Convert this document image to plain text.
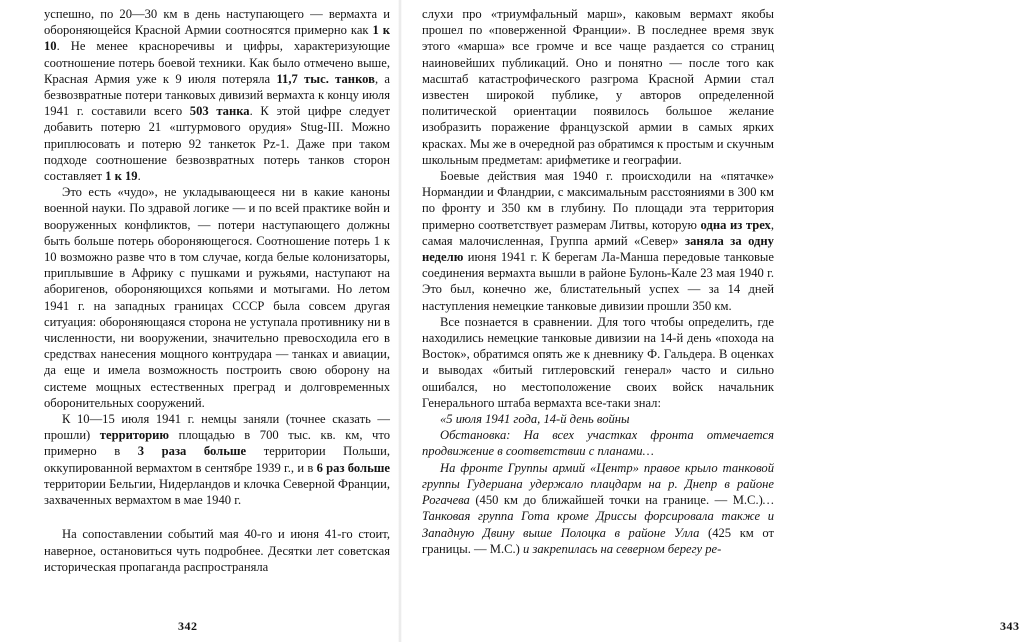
успешно, по 20—30 км в день наступающего — вермахта и обороняющейся Красной Армии соотносятся примерно как 1 к 10. Не менее красноречивы и цифры, характеризующие соотношение потерь боевой техники. Как было отмечено выше, Красная Армия уже к 9 июля потеряла 11,7 тыс. танков, а безвозвратные потери танковых дивизий вермахта к концу июля 1941 г. составили всего 503 танка. К этой цифре следует добавить потерю 21 «штурмового орудия» Stug-III. Можно приплюсовать и потерю 92 танкеток Pz-1. Даже при таком подходе соотношение безвозвратных потерь танков сторон составляет 1 к 19.

Это есть «чудо», не укладывающееся ни в какие каноны военной науки. По здравой логике — и по всей практике войн и вооруженных конфликтов, — потери наступающего должны быть больше потерь обороняющегося. Соотношение потерь 1 к 10 возможно разве что в том случае, когда белые колонизаторы, приплывшие в Африку с пушками и ружьями, наступают на аборигенов, обороняющихся копьями и мотыгами. Но летом 1941 г. на западных границах СССР была совсем другая ситуация: обороняющаяся сторона не уступала противнику ни в численности, ни вооружении, значительно превосходила его в средствах нанесения мощного контрудара — танках и авиации, да еще и имела возможность построить свою оборону на системе мощных естественных преград и долговременных оборонительных сооружений.

К 10—15 июля 1941 г. немцы заняли (точнее сказать — прошли) территорию площадью в 700 тыс. кв. км, что примерно в 3 раза больше территории Польши, оккупированной вермахтом в сентябре 1939 г., и в 6 раз больше территории Бельгии, Нидерландов и клочка Северной Франции, захваченных вермахтом в мае 1940 г.

На сопоставлении событий мая 40-го и июня 41-го стоит, наверное, остановиться чуть подробнее. Десятки лет советская историческая пропаганда распространяла

342

слухи про «триумфальный марш», каковым вермахт якобы прошел по «поверженной Франции». В последнее время звук этого «марша» все громче и все чаще раздается со страниц наиновейших публикаций. Оно и понятно — после того как масштаб катастрофического разгрома Красной Армии стал известен широкой публике, у авторов определенной политической ориентации появилось большое желание изобразить поражение французской армии в самых ярких красках. Мы же в очередной раз обратимся к простым и скучным школьным предметам: арифметике и географии.

Боевые действия мая 1940 г. происходили на «пятачке» Нормандии и Фландрии, с максимальным расстояниями в 300 км по фронту и 350 км в глубину. По площади эта территория примерно соответствует размерам Литвы, которую одна из трех, самая малочисленная, Группа армий «Север» заняла за одну неделю июня 1941 г. К берегам Ла-Манша передовые танковые соединения вермахта вышли в районе Булонь-Кале 23 мая 1940 г. Это был, конечно же, блистательный успех — за 14 дней наступления немецкие танковые дивизии прошли 350 км.

Все познается в сравнении. Для того чтобы определить, где находились немецкие танковые дивизии на 14-й день «похода на Восток», обратимся опять же к дневнику Ф. Гальдера. В оценках и выводах «битый гитлеровский генерал» часто и сильно ошибался, но местоположение своих войск начальник Генерального штаба вермахта все-таки знал:

«5 июля 1941 года, 14-й день войны

Обстановка: На всех участках фронта отмечается продвижение в соответствии с планами…

На фронте Группы армий «Центр» правое крыло танковой группы Гудериана удержало плацдарм на р. Днепр в районе Рогачева (450 км до ближайшей точки на границе. — М.С.)… Танковая группа Гота кроме Дриссы форсировала также и Западную Двину выше Полоцка в районе Улла (425 км от границы. — М.С.) и закрепилась на северном берегу ре-

343
